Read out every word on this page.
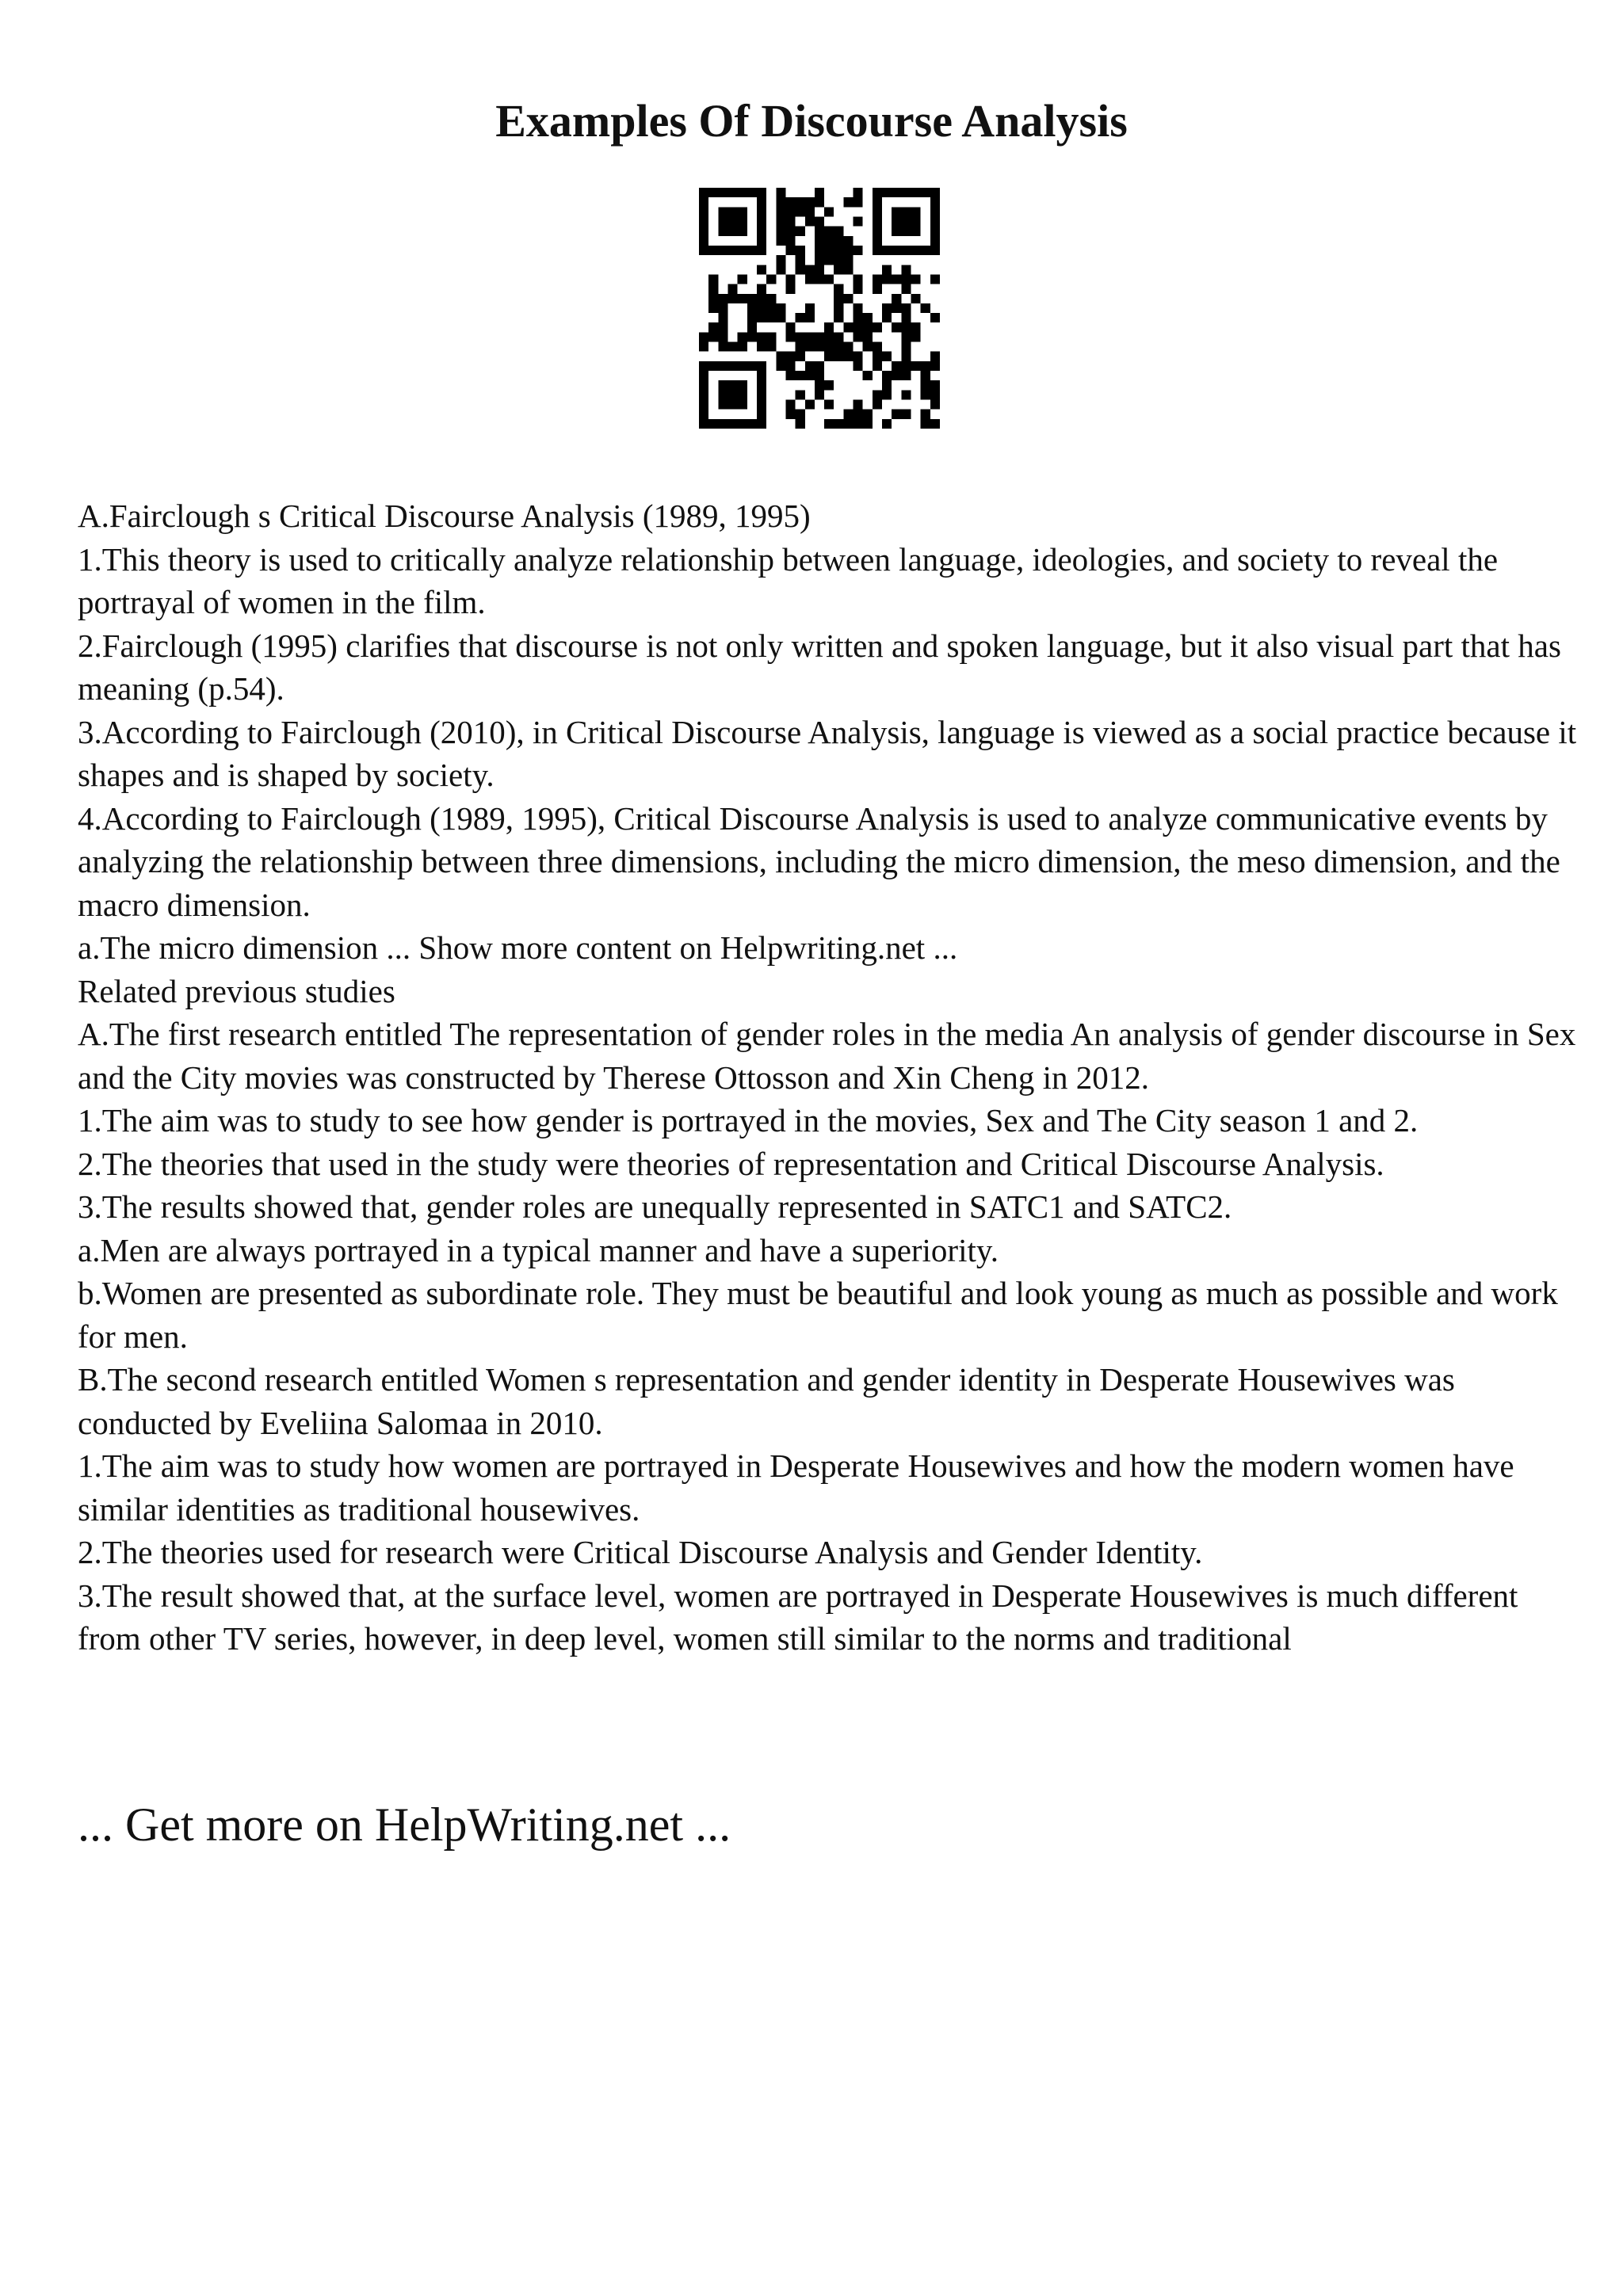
Examples Of Discourse Analysis
A.Fairclough s Critical Discourse Analysis (1989, 1995)
1.This theory is used to critically analyze relationship between language, ideologies, and society to reveal the portrayal of women in the film.
2.Fairclough (1995) clarifies that discourse is not only written and spoken language, but it also visual part that has meaning (p.54).
3.According to Fairclough (2010), in Critical Discourse Analysis, language is viewed as a social practice because it shapes and is shaped by society.
4.According to Fairclough (1989, 1995), Critical Discourse Analysis is used to analyze communicative events by analyzing the relationship between three dimensions, including the micro dimension, the meso dimension, and the macro dimension.
a.The micro dimension ... Show more content on Helpwriting.net ...
Related previous studies
A.The first research entitled The representation of gender roles in the media An analysis of gender discourse in Sex and the City movies was constructed by Therese Ottosson and Xin Cheng in 2012.
1.The aim was to study to see how gender is portrayed in the movies, Sex and The City season 1 and 2.
2.The theories that used in the study were theories of representation and Critical Discourse Analysis.
3.The results showed that, gender roles are unequally represented in SATC1 and SATC2.
a.Men are always portrayed in a typical manner and have a superiority.
b.Women are presented as subordinate role. They must be beautiful and look young as much as possible and work for men.
B.The second research entitled Women s representation and gender identity in Desperate Housewives was conducted by Eveliina Salomaa in 2010.
1.The aim was to study how women are portrayed in Desperate Housewives and how the modern women have similar identities as traditional housewives.
2.The theories used for research were Critical Discourse Analysis and Gender Identity.
3.The result showed that, at the surface level, women are portrayed in Desperate Housewives is much different from other TV series, however, in deep level, women still similar to the norms and traditional
... Get more on HelpWriting.net ...
